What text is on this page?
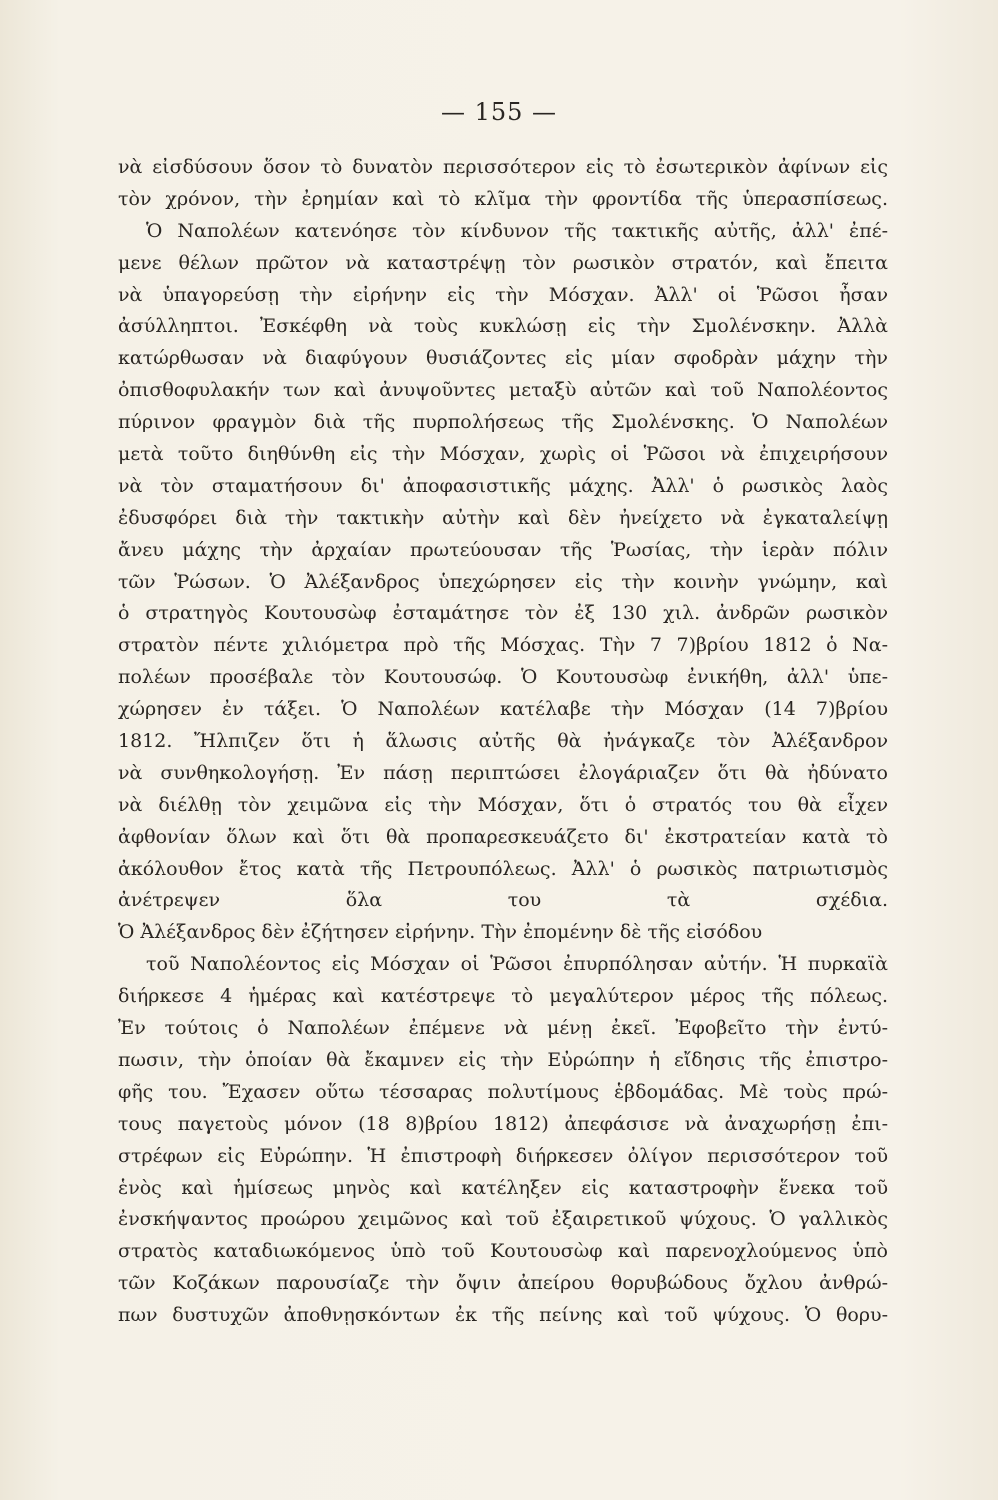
— 155 —
νὰ εἰσδύσουν ὅσον τὸ δυνατὸν περισσότερον εἰς τὸ ἐσωτερικὸν ἀφίνων εἰς
τὸν χρόνον, τὴν ἐρημίαν καὶ τὸ κλῖμα τὴν φροντίδα τῆς ὑπερασπίσεως.
Ὁ Ναπολέων κατενόησε τὸν κίνδυνον τῆς τακτικῆς αὐτῆς, ἀλλ' ἐπέ-
μενε θέλων πρῶτον νὰ καταστρέψῃ τὸν ρωσικὸν στρατόν, καὶ ἔπειτα
νὰ ὑπαγορεύσῃ τὴν εἰρήνην εἰς τὴν Μόσχαν. Ἀλλ' οἱ Ῥῶσοι ἦσαν
ἀσύλληπτοι. Ἐσκέφθη νὰ τοὺς κυκλώσῃ εἰς τὴν Σμολένσκην. Ἀλλὰ
κατώρθωσαν νὰ διαφύγουν θυσιάζοντες εἰς μίαν σφοδρὰν μάχην τὴν
ὀπισθοφυλακήν των καὶ ἀνυψοῦντες μεταξὺ αὐτῶν καὶ τοῦ Ναπολέοντος
πύρινον φραγμὸν διὰ τῆς πυρπολήσεως τῆς Σμολένσκης. Ὁ Ναπολέων
μετὰ τοῦτο διηθύνθη εἰς τὴν Μόσχαν, χωρὶς οἱ Ῥῶσοι νὰ ἐπιχειρήσουν
νὰ τὸν σταματήσουν δι' ἀποφασιστικῆς μάχης. Ἀλλ' ὁ ρωσικὸς λαὸς
ἐδυσφόρει διὰ τὴν τακτικὴν αὐτὴν καὶ δὲν ἠνείχετο νὰ ἐγκαταλείψῃ
ἄνευ μάχης τὴν ἀρχαίαν πρωτεύουσαν τῆς Ῥωσίας, τὴν ἱερὰν πόλιν
τῶν Ῥώσων. Ὁ Ἀλέξανδρος ὑπεχώρησεν εἰς τὴν κοινὴν γνώμην, καὶ
ὁ στρατηγὸς Κουτουσὼφ ἐσταμάτησε τὸν ἐξ 130 χιλ. ἀνδρῶν ρωσικὸν
στρατὸν πέντε χιλιόμετρα πρὸ τῆς Μόσχας. Τὴν 7 7)βρίου 1812 ὁ Να-
πολέων προσέβαλε τὸν Κουτουσώφ. Ὁ Κουτουσὼφ ἐνικήθη, ἀλλ' ὑπε-
χώρησεν ἐν τάξει. Ὁ Ναπολέων κατέλαβε τὴν Μόσχαν (14 7)βρίου
1812. Ἤλπιζεν ὅτι ἡ ἅλωσις αὐτῆς θὰ ἠνάγκαζε τὸν Ἀλέξανδρον
νὰ συνθηκολογήσῃ. Ἐν πάσῃ περιπτώσει ἐλογάριαζεν ὅτι θὰ ἠδύνατο
νὰ διέλθῃ τὸν χειμῶνα εἰς τὴν Μόσχαν, ὅτι ὁ στρατός του θὰ εἶχεν
ἀφθονίαν ὅλων καὶ ὅτι θὰ προπαρεσκευάζετο δι' ἐκστρατείαν κατὰ τὸ
ἀκόλουθον ἔτος κατὰ τῆς Πετρουπόλεως. Ἀλλ' ὁ ρωσικὸς πατριωτισμὸς
ἀνέτρεψεν ὅλα του τὰ σχέδια.
Ὁ Ἀλέξανδρος δὲν ἐζήτησεν εἰρήνην. Τὴν ἐπομένην δὲ τῆς εἰσόδου
τοῦ Ναπολέοντος εἰς Μόσχαν οἱ Ῥῶσοι ἐπυρπόλησαν αὐτήν. Ἡ πυρκαϊὰ
διήρκεσε 4 ἡμέρας καὶ κατέστρεψε τὸ μεγαλύτερον μέρος τῆς πόλεως.
Ἐν τούτοις ὁ Ναπολέων ἐπέμενε νὰ μένῃ ἐκεῖ. Ἐφοβεῖτο τὴν ἐντύ-
πωσιν, τὴν ὁποίαν θὰ ἔκαμνεν εἰς τὴν Εὐρώπην ἡ εἴδησις τῆς ἐπιστρο-
φῆς του. Ἔχασεν οὕτω τέσσαρας πολυτίμους ἑβδομάδας. Μὲ τοὺς πρώ-
τους παγετοὺς μόνον (18 8)βρίου 1812) ἀπεφάσισε νὰ ἀναχωρήσῃ ἐπι-
στρέφων εἰς Εὐρώπην. Ἡ ἐπιστροφὴ διήρκεσεν ὀλίγον περισσότερον τοῦ
ἑνὸς καὶ ἡμίσεως μηνὸς καὶ κατέληξεν εἰς καταστροφὴν ἕνεκα τοῦ
ἐνσκήψαντος προώρου χειμῶνος καὶ τοῦ ἐξαιρετικοῦ ψύχους. Ὁ γαλλικὸς
στρατὸς καταδιωκόμενος ὑπὸ τοῦ Κουτουσὼφ καὶ παρενοχλούμενος ὑπὸ
τῶν Κοζάκων παρουσίαζε τὴν ὄψιν ἀπείρου θορυβώδους ὄχλου ἀνθρώ-
πων δυστυχῶν ἀποθνῃσκόντων ἐκ τῆς πείνης καὶ τοῦ ψύχους. Ὁ θορυ-
